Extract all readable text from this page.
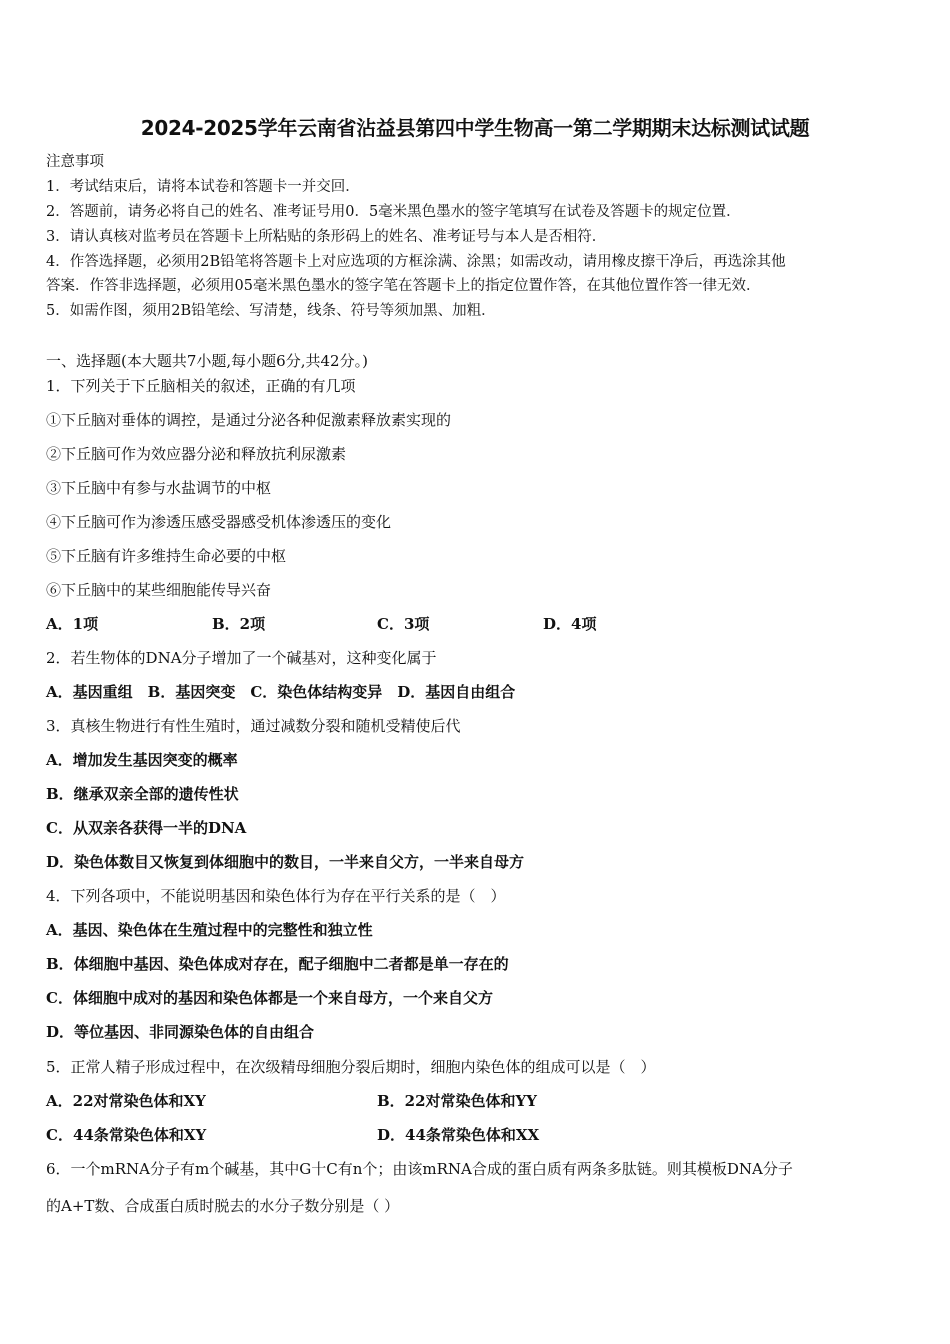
2024-2025学年云南省沾益县第四中学生物高一第二学期期末达标测试试题
注意事项
1．考试结束后，请将本试卷和答题卡一并交回．
2．答题前，请务必将自己的姓名、准考证号用0．5毫米黑色墨水的签字笔填写在试卷及答题卡的规定位置．
3．请认真核对监考员在答题卡上所粘贴的条形码上的姓名、准考证号与本人是否相符．
4．作答选择题，必须用2B铅笔将答题卡上对应选项的方框涂满、涂黑；如需改动，请用橡皮擦干净后，再选涂其他
答案．作答非选择题，必须用05毫米黑色墨水的签字笔在答题卡上的指定位置作答，在其他位置作答一律无效．
5．如需作图，须用2B铅笔绘、写清楚，线条、符号等须加黑、加粗．
一、选择题(本大题共7小题,每小题6分,共42分。)
1．下列关于下丘脑相关的叙述，正确的有几项
①下丘脑对垂体的调控，是通过分泌各种促激素释放素实现的
②下丘脑可作为效应器分泌和释放抗利尿激素
③下丘脑中有参与水盐调节的中枢
④下丘脑可作为渗透压感受器感受机体渗透压的变化
⑤下丘脑有许多维持生命必要的中枢
⑥下丘脑中的某些细胞能传导兴奋
A．1项	B．2项	C．3项	D．4项
2．若生物体的DNA分子增加了一个碱基对，这种变化属于
A．基因重组　B．基因突变　C．染色体结构变异　D．基因自由组合
3．真核生物进行有性生殖时，通过减数分裂和随机受精使后代
A．增加发生基因突变的概率
B．继承双亲全部的遗传性状
C．从双亲各获得一半的DNA
D．染色体数目又恢复到体细胞中的数目，一半来自父方，一半来自母方
4．下列各项中，不能说明基因和染色体行为存在平行关系的是（　）
A．基因、染色体在生殖过程中的完整性和独立性
B．体细胞中基因、染色体成对存在，配子细胞中二者都是单一存在的
C．体细胞中成对的基因和染色体都是一个来自母方，一个来自父方
D．等位基因、非同源染色体的自由组合
5．正常人精子形成过程中，在次级精母细胞分裂后期时，细胞内染色体的组成可以是（　）
A．22对常染色体和XY	B．22对常染色体和YY
C．44条常染色体和XY	D．44条常染色体和XX
6．一个mRNA分子有m个碱基，其中G十C有n个；由该mRNA合成的蛋白质有两条多肽链。则其模板DNA分子
的A+T数、合成蛋白质时脱去的水分子数分别是（ ）
